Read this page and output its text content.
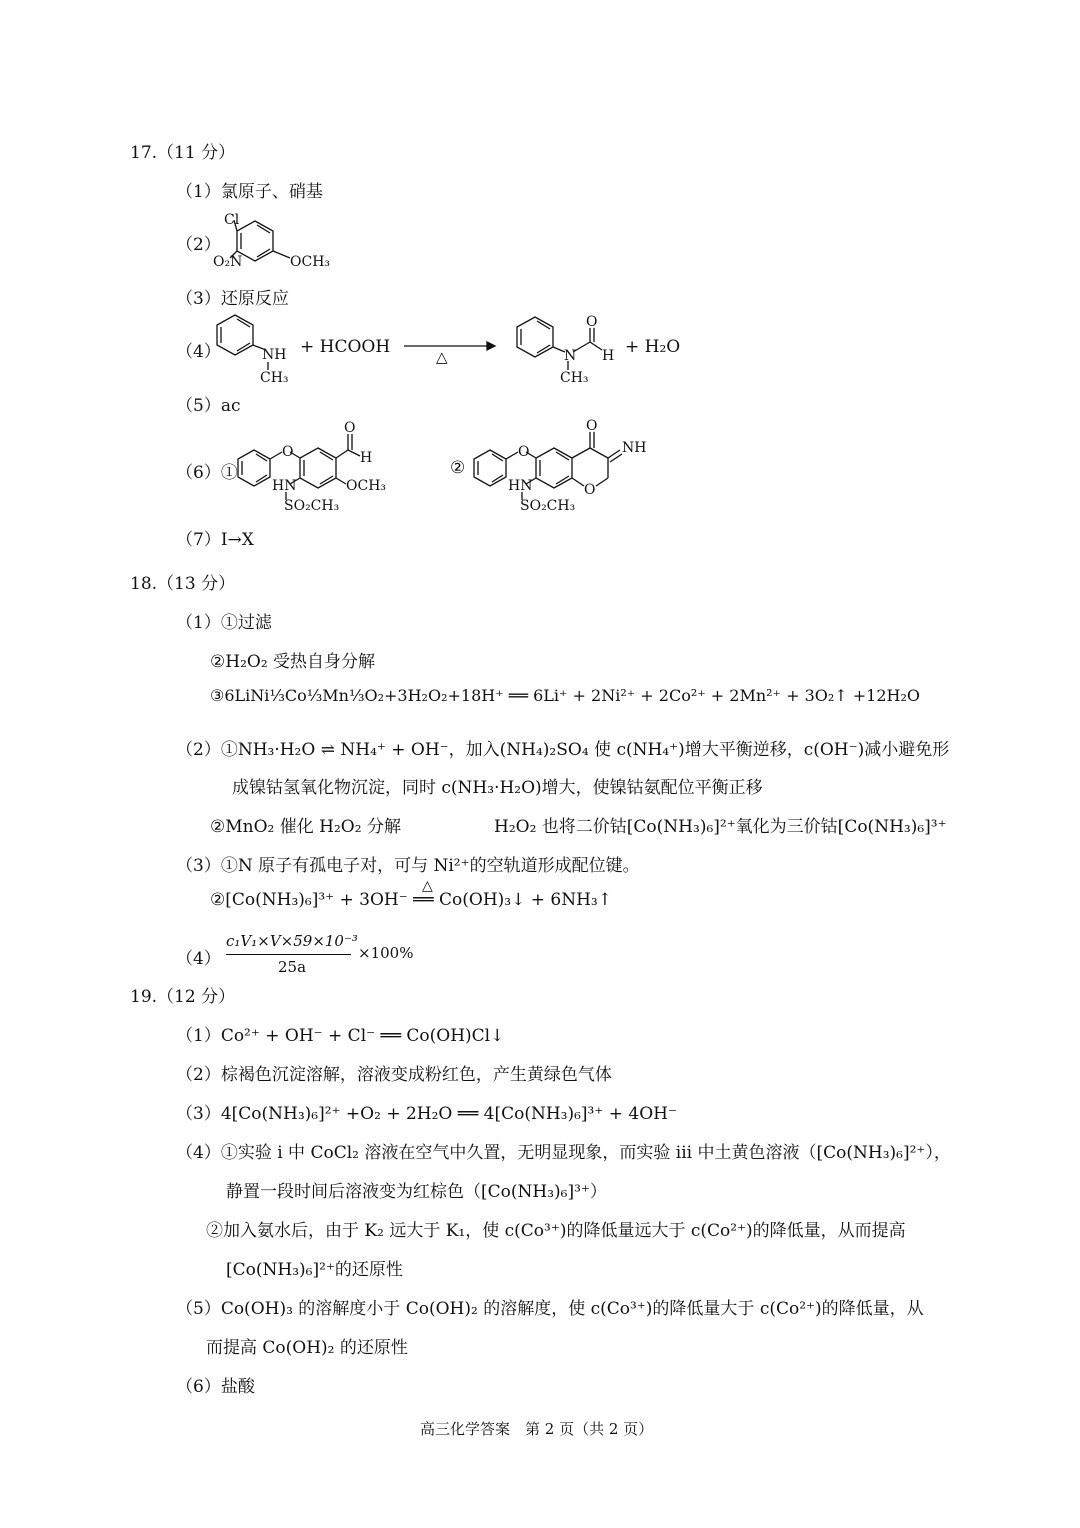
17.（11 分）
（1）氯原子、硝基
（2）
Cl
O₂N	OCH₃
（3）还原反应
（4）	NH
CH₃
+ HCOOH	△	N
O
H
CH₃
+ H₂O
（5）ac
（6）①
O
O
H
OCH₃
HN
SO₂CH₃
②
O
O
NH
O
HN
SO₂CH₃
（7）I→X
18.（13 分）
（1）①过滤
②H₂O₂ 受热自身分解
③6LiNi⅓Co⅓Mn⅓O₂+3H₂O₂+18H⁺ ══ 6Li⁺ + 2Ni²⁺ + 2Co²⁺ + 2Mn²⁺ + 3O₂↑ +12H₂O
（2）①NH₃·H₂O ⇌ NH₄⁺ + OH⁻，加入(NH₄)₂SO₄ 使 c(NH₄⁺)增大平衡逆移，c(OH⁻)减小避免形
成镍钴氢氧化物沉淀，同时 c(NH₃·H₂O)增大，使镍钴氨配位平衡正移
②MnO₂ 催化 H₂O₂ 分解	H₂O₂ 也将二价钴[Co(NH₃)₆]²⁺氧化为三价钴[Co(NH₃)₆]³⁺
（3）①N 原子有孤电子对，可与 Ni²⁺的空轨道形成配位键。
△
②[Co(NH₃)₆]³⁺ + 3OH⁻ ══ Co(OH)₃↓ + 6NH₃↑
（4）
c₁V₁×V×59×10⁻³
25a
×100%
19.（12 分）
（1）Co²⁺ + OH⁻ + Cl⁻ ══ Co(OH)Cl↓
（2）棕褐色沉淀溶解，溶液变成粉红色，产生黄绿色气体
（3）4[Co(NH₃)₆]²⁺ +O₂ + 2H₂O ══ 4[Co(NH₃)₆]³⁺ + 4OH⁻
（4）①实验 i 中 CoCl₂ 溶液在空气中久置，无明显现象，而实验 iii 中土黄色溶液（[Co(NH₃)₆]²⁺），
静置一段时间后溶液变为红棕色（[Co(NH₃)₆]³⁺）
②加入氨水后，由于 K₂ 远大于 K₁，使 c(Co³⁺)的降低量远大于 c(Co²⁺)的降低量，从而提高
[Co(NH₃)₆]²⁺的还原性
（5）Co(OH)₃ 的溶解度小于 Co(OH)₂ 的溶解度，使 c(Co³⁺)的降低量大于 c(Co²⁺)的降低量，从
而提高 Co(OH)₂ 的还原性
（6）盐酸
高三化学答案　第 2 页（共 2 页）
